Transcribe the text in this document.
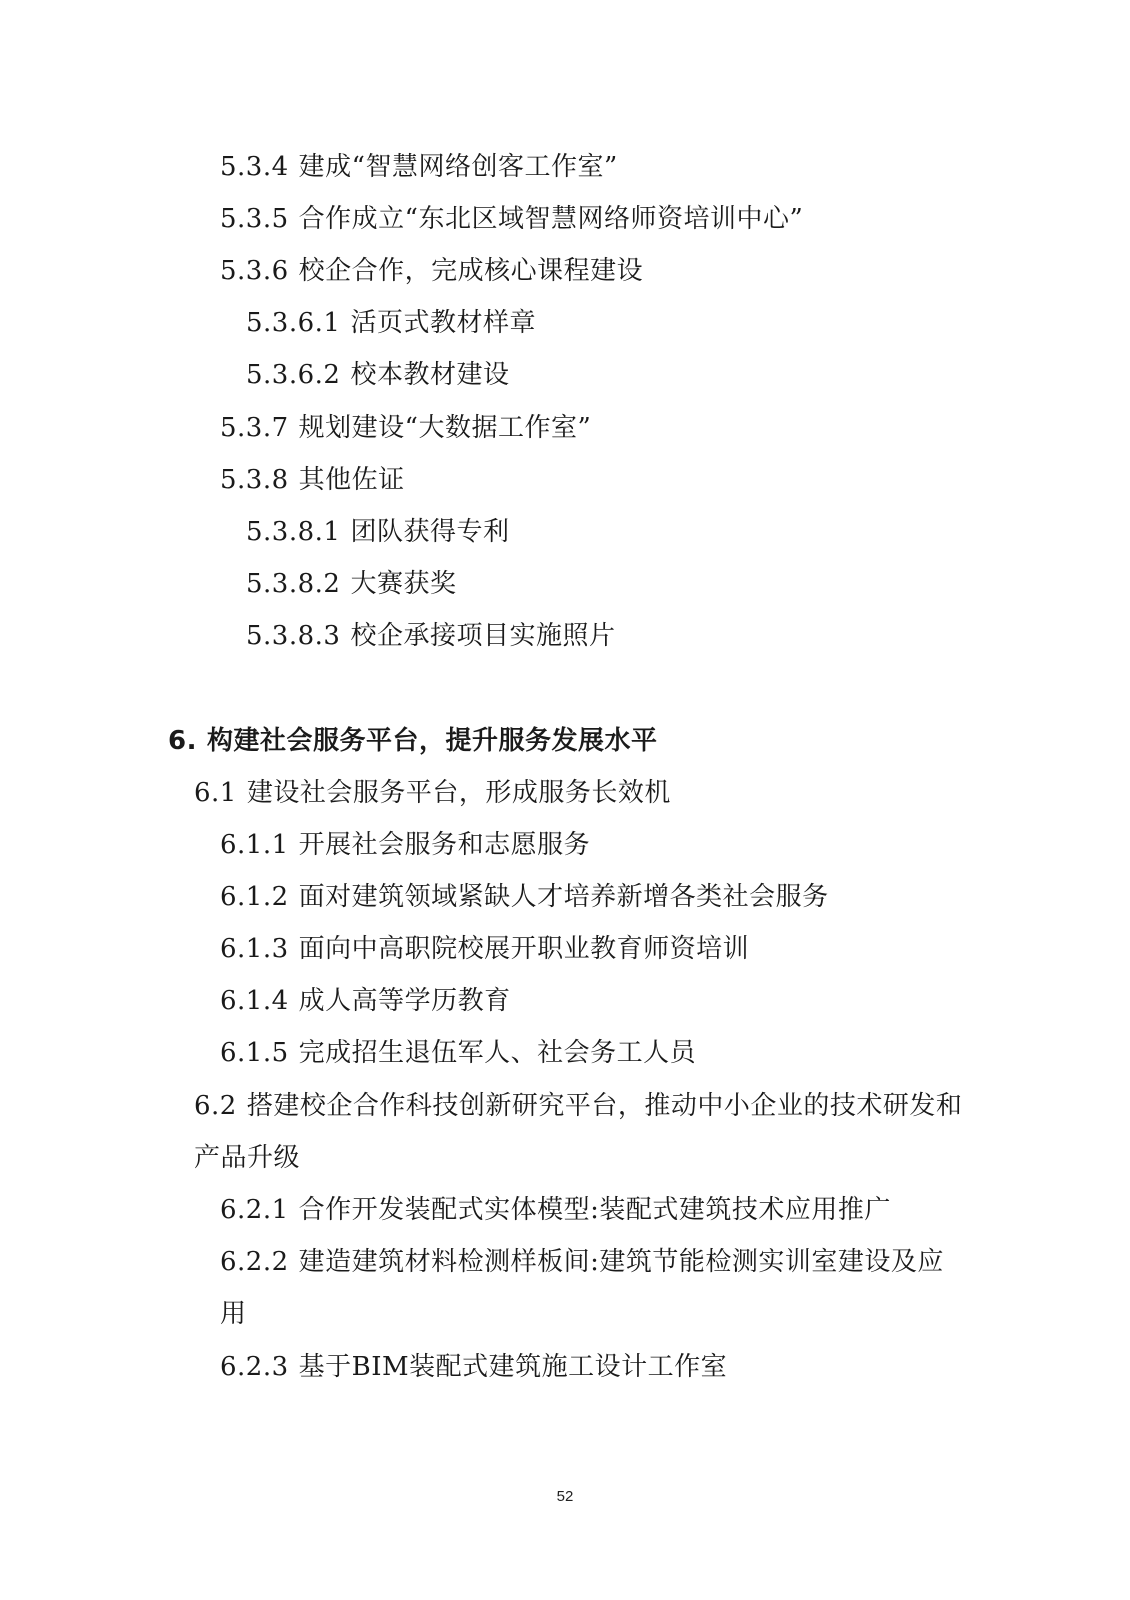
5.3.4 建成“智慧网络创客工作室”
5.3.5 合作成立“东北区域智慧网络师资培训中心”
5.3.6 校企合作，完成核心课程建设
5.3.6.1 活页式教材样章
5.3.6.2 校本教材建设
5.3.7 规划建设“大数据工作室”
5.3.8 其他佐证
5.3.8.1 团队获得专利
5.3.8.2 大赛获奖
5.3.8.3 校企承接项目实施照片
6. 构建社会服务平台，提升服务发展水平
6.1 建设社会服务平台，形成服务长效机
6.1.1 开展社会服务和志愿服务
6.1.2 面对建筑领域紧缺人才培养新增各类社会服务
6.1.3 面向中高职院校展开职业教育师资培训
6.1.4 成人高等学历教育
6.1.5 完成招生退伍军人、社会务工人员
6.2 搭建校企合作科技创新研究平台，推动中小企业的技术研发和
产品升级
6.2.1 合作开发装配式实体模型:装配式建筑技术应用推广
6.2.2 建造建筑材料检测样板间:建筑节能检测实训室建设及应
用
6.2.3 基于BIM装配式建筑施工设计工作室
52
